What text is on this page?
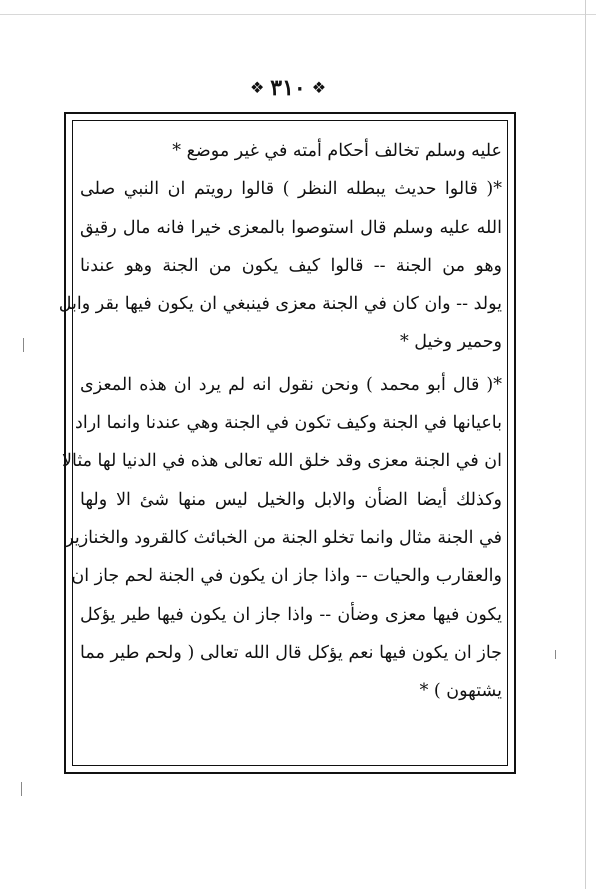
❖
٣١٠
❖
عليه وسلم تخالف أحكام أمته في غير موضع *
*( قالوا حديث يبطله النظر ) قالوا رويتم ان النبي صلى
الله عليه وسلم قال استوصوا بالمعزى خيرا فانه مال رقيق
وهو من الجنة -- قالوا كيف يكون من الجنة وهو عندنا
يولد -- وان كان في الجنة معزى فينبغي ان يكون فيها بقر وابل
وحمير وخيل *
*( قال أبو محمد ) ونحن نقول انه لم يرد ان هذه المعزى
باعيانها في الجنة وكيف تكون في الجنة وهي عندنا وانما اراد
ان في الجنة معزى وقد خلق الله تعالى هذه في الدنيا لها مثالا
وكذلك أيضا الضأن والابل والخيل ليس منها شئ الا ولها
في الجنة مثال وانما تخلو الجنة من الخبائث كالقرود والخنازير
والعقارب والحيات -- واذا جاز ان يكون في الجنة لحم جاز ان
يكون فيها معزى وضأن -- واذا جاز ان يكون فيها طير يؤكل
جاز ان يكون فيها نعم يؤكل قال الله تعالى ( ولحم طير مما
يشتهون ) *
